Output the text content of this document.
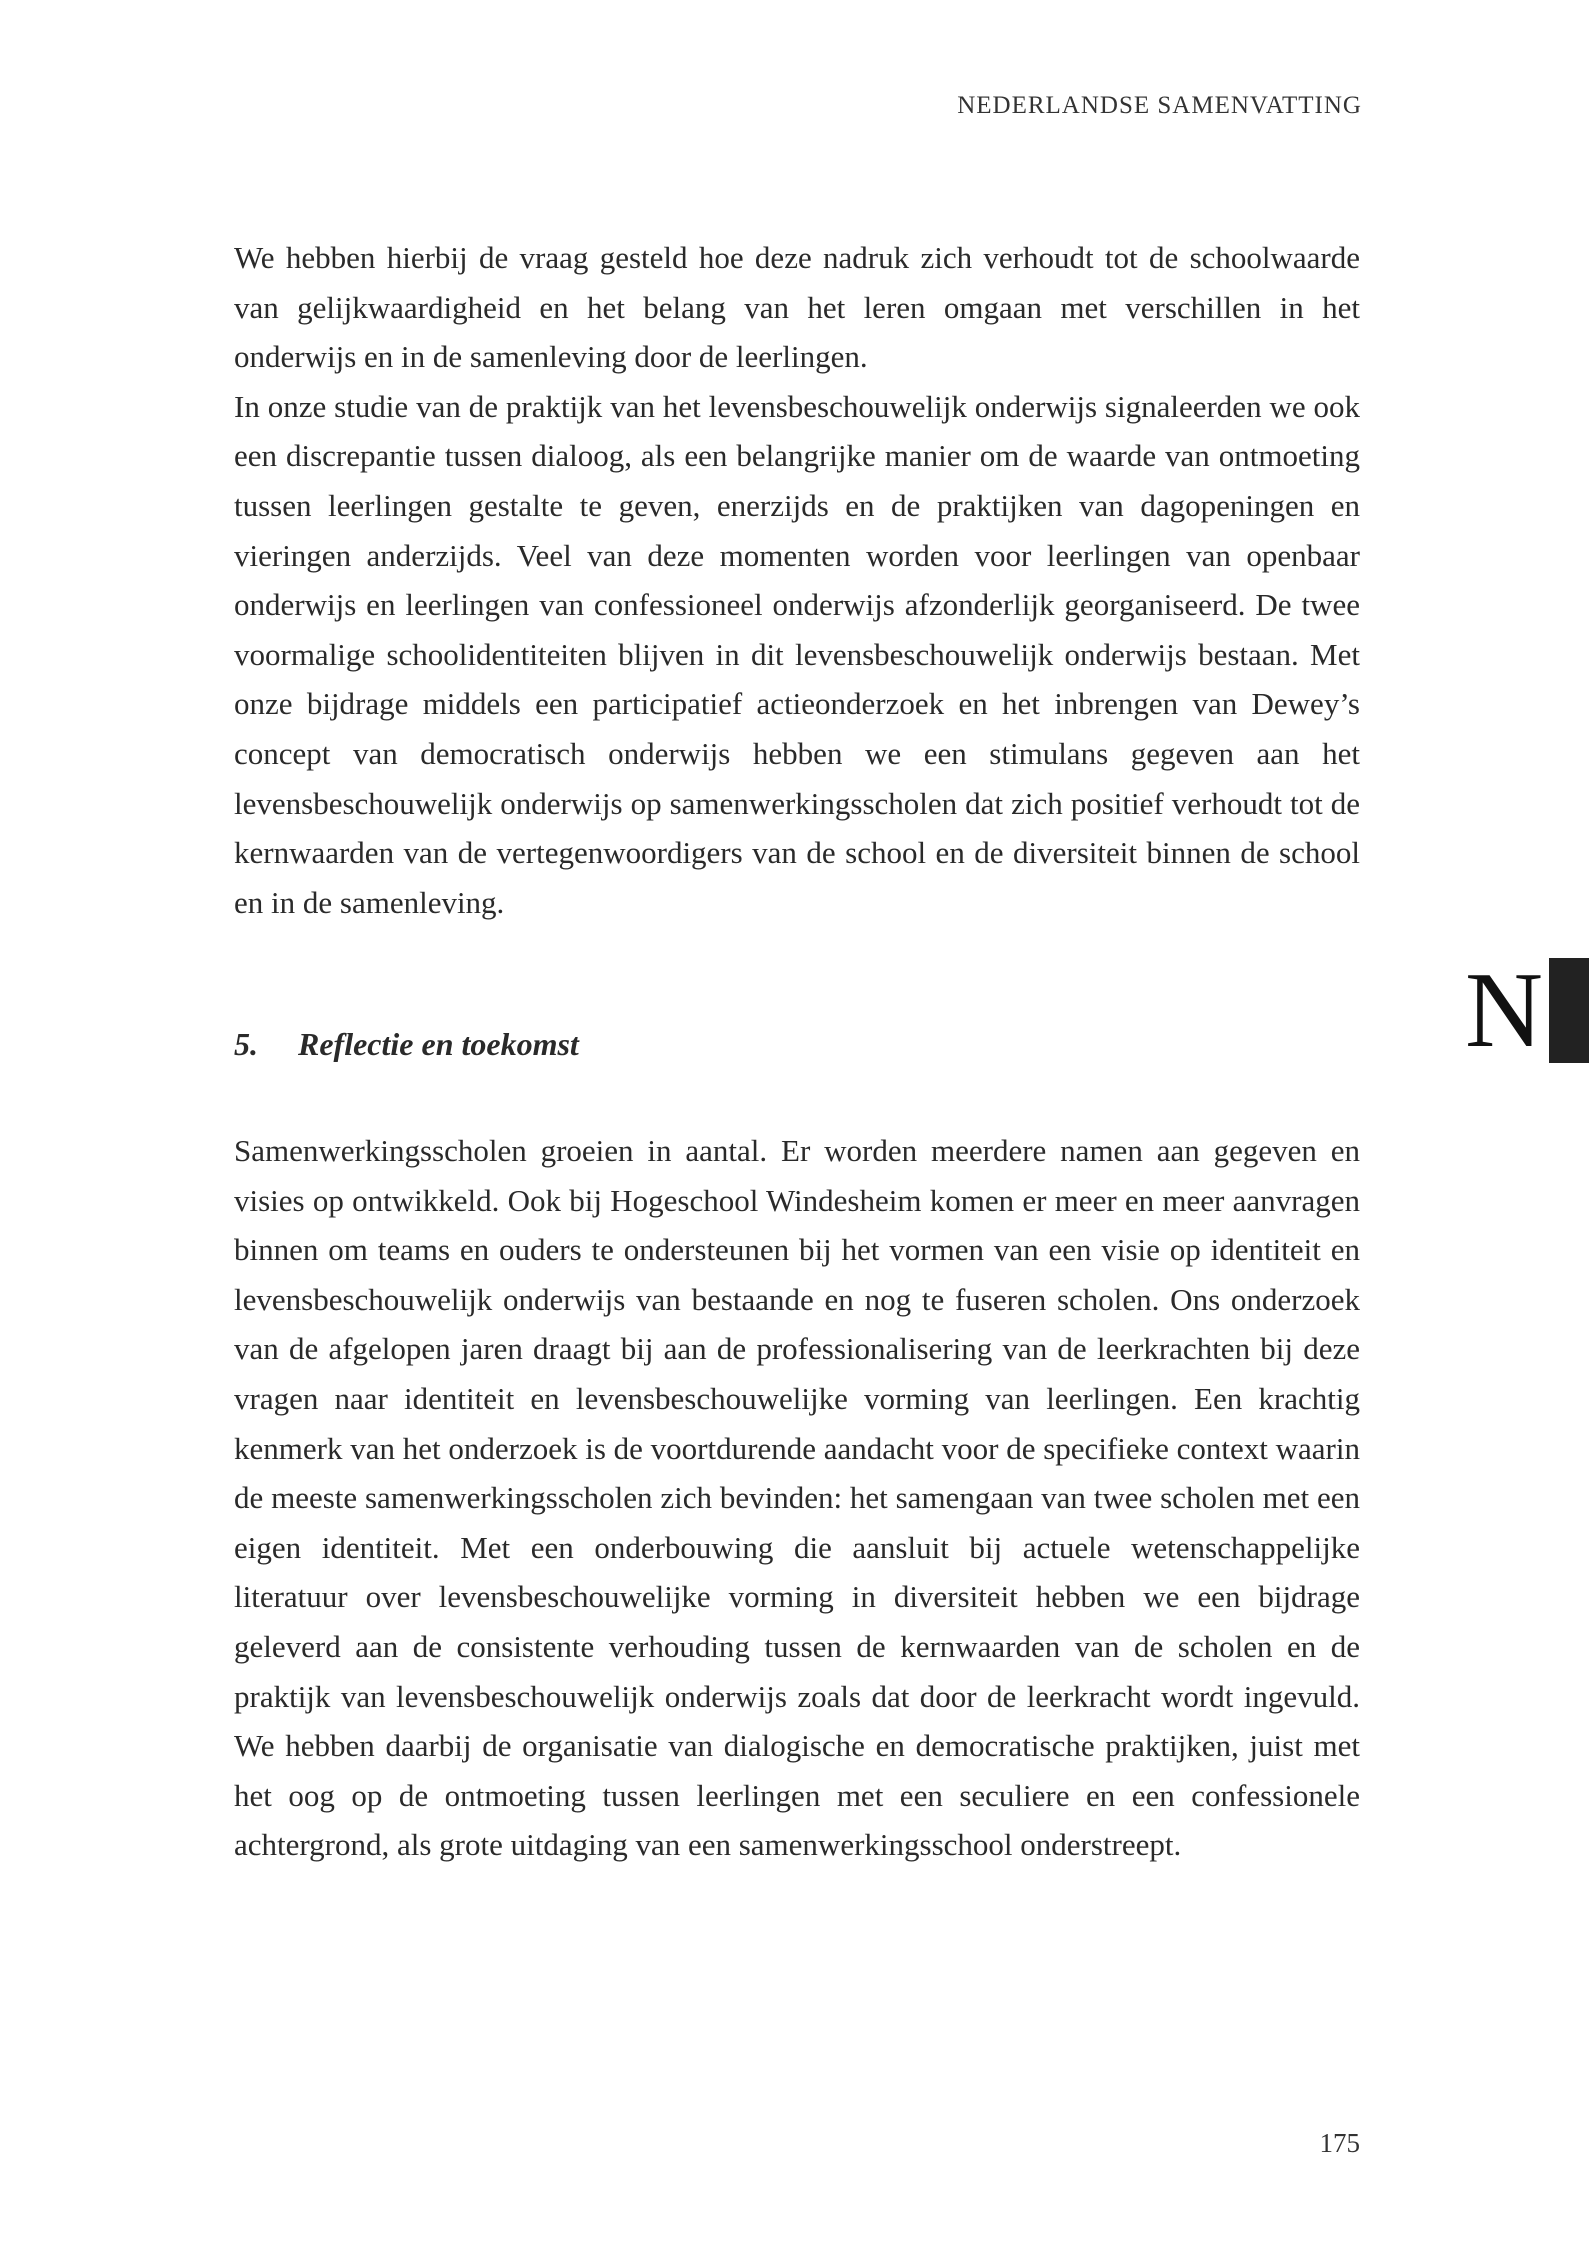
NEDERLANDSE SAMENVATTING

We hebben hierbij de vraag gesteld hoe deze nadruk zich verhoudt tot de schoolwaarde van gelijkwaardigheid en het belang van het leren omgaan met verschillen in het onderwijs en in de samenleving door de leerlingen.

In onze studie van de praktijk van het levensbeschouwelijk onderwijs signaleerden we ook een discrepantie tussen dialoog, als een belangrijke manier om de waarde van ontmoeting tussen leerlingen gestalte te geven, enerzijds en de praktijken van dagopeningen en vieringen anderzijds. Veel van deze momenten worden voor leerlingen van openbaar onderwijs en leerlingen van confessioneel onderwijs afzonderlijk georganiseerd. De twee voormalige schoolidentiteiten blijven in dit levensbeschouwelijk onderwijs bestaan. Met onze bijdrage middels een participatief actieonderzoek en het inbrengen van Dewey’s concept van democratisch onderwijs hebben we een stimulans gegeven aan het levensbeschouwelijk onderwijs op samenwerkingsscholen dat zich positief verhoudt tot de kernwaarden van de vertegenwoordigers van de school en de diversiteit binnen de school en in de samenleving.

5. Reflectie en toekomst

Samenwerkingsscholen groeien in aantal. Er worden meerdere namen aan gegeven en visies op ontwikkeld. Ook bij Hogeschool Windesheim komen er meer en meer aanvragen binnen om teams en ouders te ondersteunen bij het vormen van een visie op identiteit en levensbeschouwelijk onderwijs van bestaande en nog te fuseren scholen. Ons onderzoek van de afgelopen jaren draagt bij aan de professionalisering van de leerkrachten bij deze vragen naar identiteit en levensbeschouwelijke vorming van leerlingen. Een krachtig kenmerk van het onderzoek is de voortdurende aandacht voor de specifieke context waarin de meeste samenwerkingsscholen zich bevinden: het samengaan van twee scholen met een eigen identiteit. Met een onderbouwing die aansluit bij actuele wetenschappelijke literatuur over levensbeschouwelijke vorming in diversiteit hebben we een bijdrage geleverd aan de consistente verhouding tussen de kernwaarden van de scholen en de praktijk van levensbeschouwelijk onderwijs zoals dat door de leerkracht wordt ingevuld. We hebben daarbij de organisatie van dialogische en democratische praktijken, juist met het oog op de ontmoeting tussen leerlingen met een seculiere en een confessionele achtergrond, als grote uitdaging van een samenwerkingsschool onderstreept.

N
175
